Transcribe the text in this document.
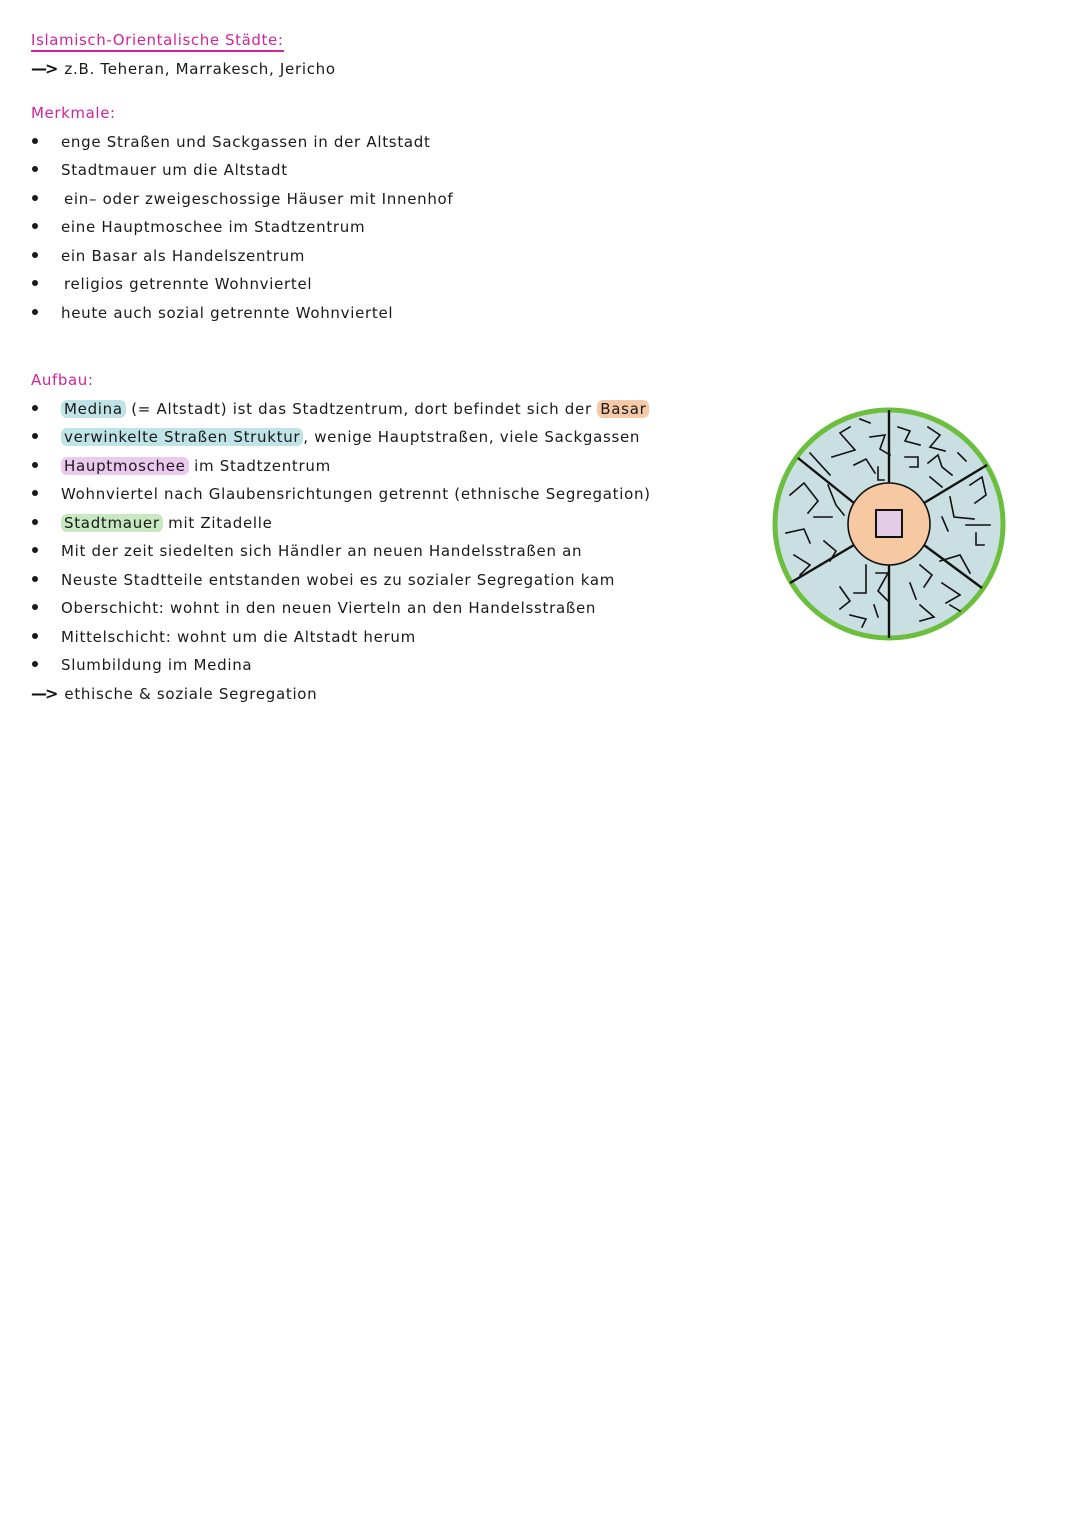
Islamisch-Orientalische Städte:
—> z.B. Teheran, Marrakesch, Jericho
Merkmale:
enge Straßen und Sackgassen in der Altstadt
Stadtmauer um die Altstadt
ein– oder zweigeschossige Häuser mit Innenhof
eine Hauptmoschee im Stadtzentrum
ein Basar als Handelszentrum
religios getrennte Wohnviertel
heute auch sozial getrennte Wohnviertel
Aufbau:
Medina (= Altstadt) ist das Stadtzentrum, dort befindet sich der Basar
verwinkelte Straßen Struktur , wenige Hauptstraßen, viele Sackgassen
Hauptmoschee im Stadtzentrum
Wohnviertel nach Glaubensrichtungen getrennt (ethnische Segregation)
Stadtmauer mit Zitadelle
Mit der zeit siedelten sich Händler an neuen Handelsstraßen an
Neuste Stadtteile entstanden wobei es zu sozialer Segregation kam
Oberschicht: wohnt in den neuen Vierteln an den Handelsstraßen
Mittelschicht: wohnt um die Altstadt herum
Slumbildung im Medina
—> ethische & soziale Segregation
